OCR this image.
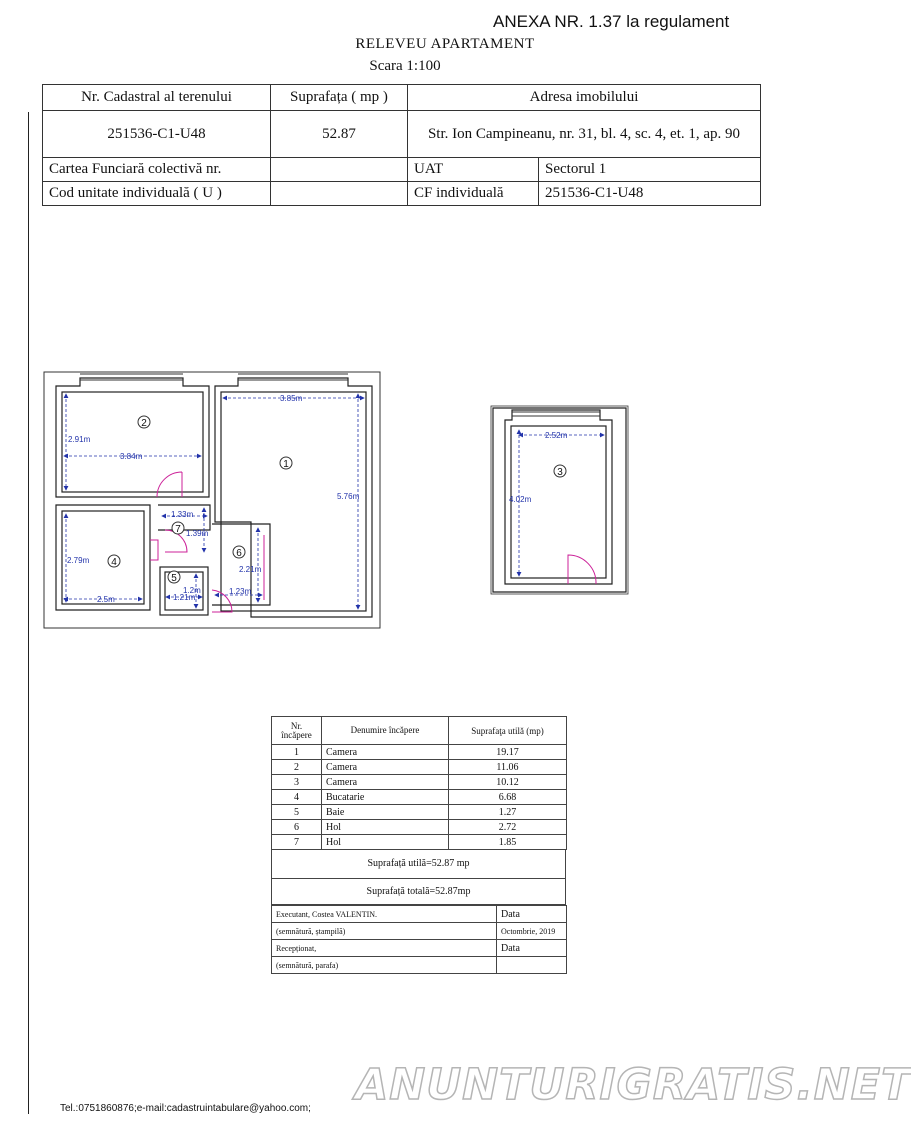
ANEXA NR. 1.37 la regulament
RELEVEU APARTAMENT
Scara 1:100
Nr. Cadastral al terenului	Suprafața ( mp )	Adresa imobilului	
251536-C1-U48	52.87	Str. Ion Campineanu, nr. 31, bl. 4, sc. 4, et. 1, ap. 90	
Cartea Funciară colectivă nr.		UAT	Sectorul 1
Cod unitate individuală ( U )		CF individuală	251536-C1-U48
3.85m
5.76m
2.91m
3.84m
2.52m
4.02m
2.79m
2.5m	1.21m
1.2m	1.23m
2.21m
1.33m
1.39m
1
2
3
4
5
6
7
Nr. încăpere	Denumire încăpere	Suprafaţa utilă (mp)
1	Camera	19.17
2	Camera	11.06
3	Camera	10.12
4	Bucatarie	6.68
5	Baie	1.27
6	Hol	2.72
7	Hol	1.85
Suprafață utilă=52.87 mp
Suprafață totală=52.87mp
Executant, Costea VALENTIN.	Data
(semnătură, ștampilă)	Octombrie, 2019
Recepționat,	Data
(semnătură, parafa)	
Tel.:0751860876;e-mail:cadastruintabulare@yahoo.com; ANUNTURIGRATIS.NET
